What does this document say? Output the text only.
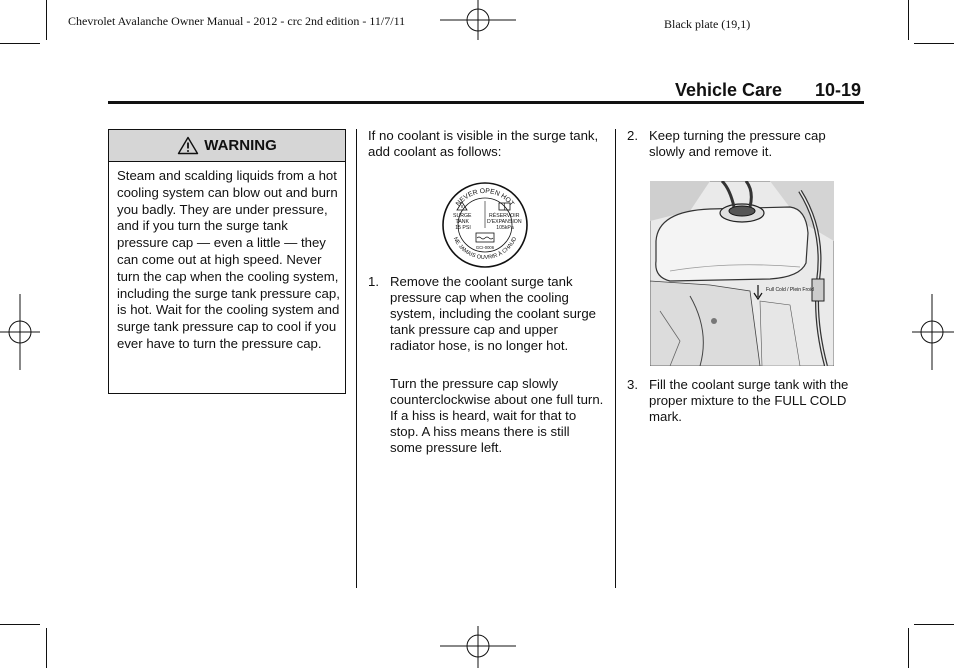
Chevrolet Avalanche Owner Manual - 2012 - crc 2nd edition - 11/7/11	Black plate (19,1)
Vehicle Care 10-19
WARNING
Steam and scalding liquids from a hot cooling system can blow out and burn you badly. They are under pressure, and if you turn the surge tank pressure cap — even a little — they can come out at high speed. Never turn the cap when the cooling system, including the surge tank pressure cap, is hot. Wait for the cooling system and surge tank pressure cap to cool if you ever have to turn the pressure cap.
If no coolant is visible in the surge tank, add coolant as follows:
NEVER OPEN HOT
NE JAMAIS OUVRIR À CHAUD
SURGE TANK 15 PSI
RÉSERVOIR D'EXPANSION 105kPa
GCI-0006
1. Remove the coolant surge tank pressure cap when the cooling system, including the coolant surge tank pressure cap and upper radiator hose, is no longer hot.
Turn the pressure cap slowly counterclockwise about one full turn. If a hiss is heard, wait for that to stop. A hiss means there is still some pressure left.
2. Keep turning the pressure cap slowly and remove it.
Full Cold / Plein Froid
3. Fill the coolant surge tank with the proper mixture to the FULL COLD mark.
